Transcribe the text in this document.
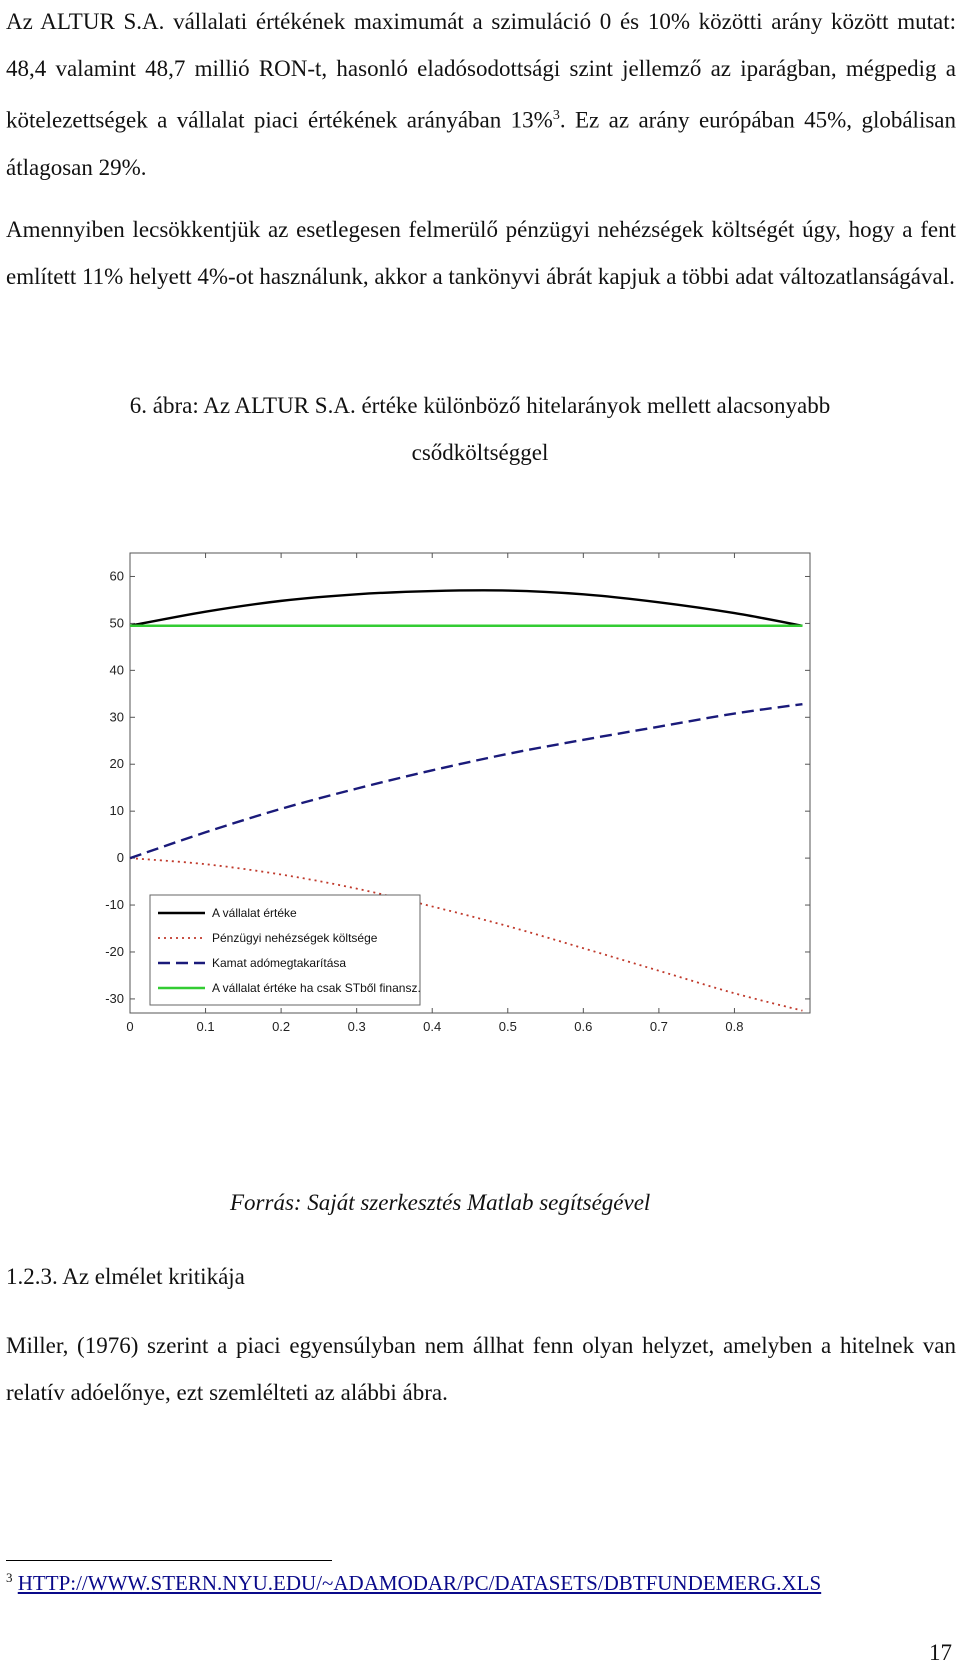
Az ALTUR S.A. vállalati értékének maximumát a szimuláció 0 és 10% közötti arány között mutat: 48,4 valamint 48,7 millió RON-t, hasonló eladósodottsági szint jellemző az iparágban, mégpedig a kötelezettségek a vállalat piaci értékének arányában 13%$^3$. Ez az arány európában 45%, globálisan átlagosan 29%.

Amennyiben lecsökkentjük az esetlegesen felmerülő pénzügyi nehézségek költségét úgy, hogy a fent említett 11% helyett 4%-ot használunk, akkor a tankönyvi ábrát kapjuk a többi adat változatlanságával.

6. ábra: Az ALTUR S.A. értéke különböző hitelarányok mellett alacsonyabb
csődköltséggel
60
50
40
30
20
10
0
-10
-20
-30
0	0.1	0.2	0.3	0.4	0.5	0.6	0.7	0.8
A vállalat értéke
Pénzügyi nehézségek költsége
Kamat adómegtakarítása
A vállalat értéke ha csak STből finansz.

Forrás: Saját szerkesztés Matlab segítségével

1.2.3. Az elmélet kritikája

Miller, (1976) szerint a piaci egyensúlyban nem állhat fenn olyan helyzet, amelyben a hitelnek van relatív adóelőnye, ezt szemlélteti az alábbi ábra.

$^3$ HTTP://WWW.STERN.NYU.EDU/~ADAMODAR/PC/DATASETS/DBTFUNDEMERG.XLS

17
